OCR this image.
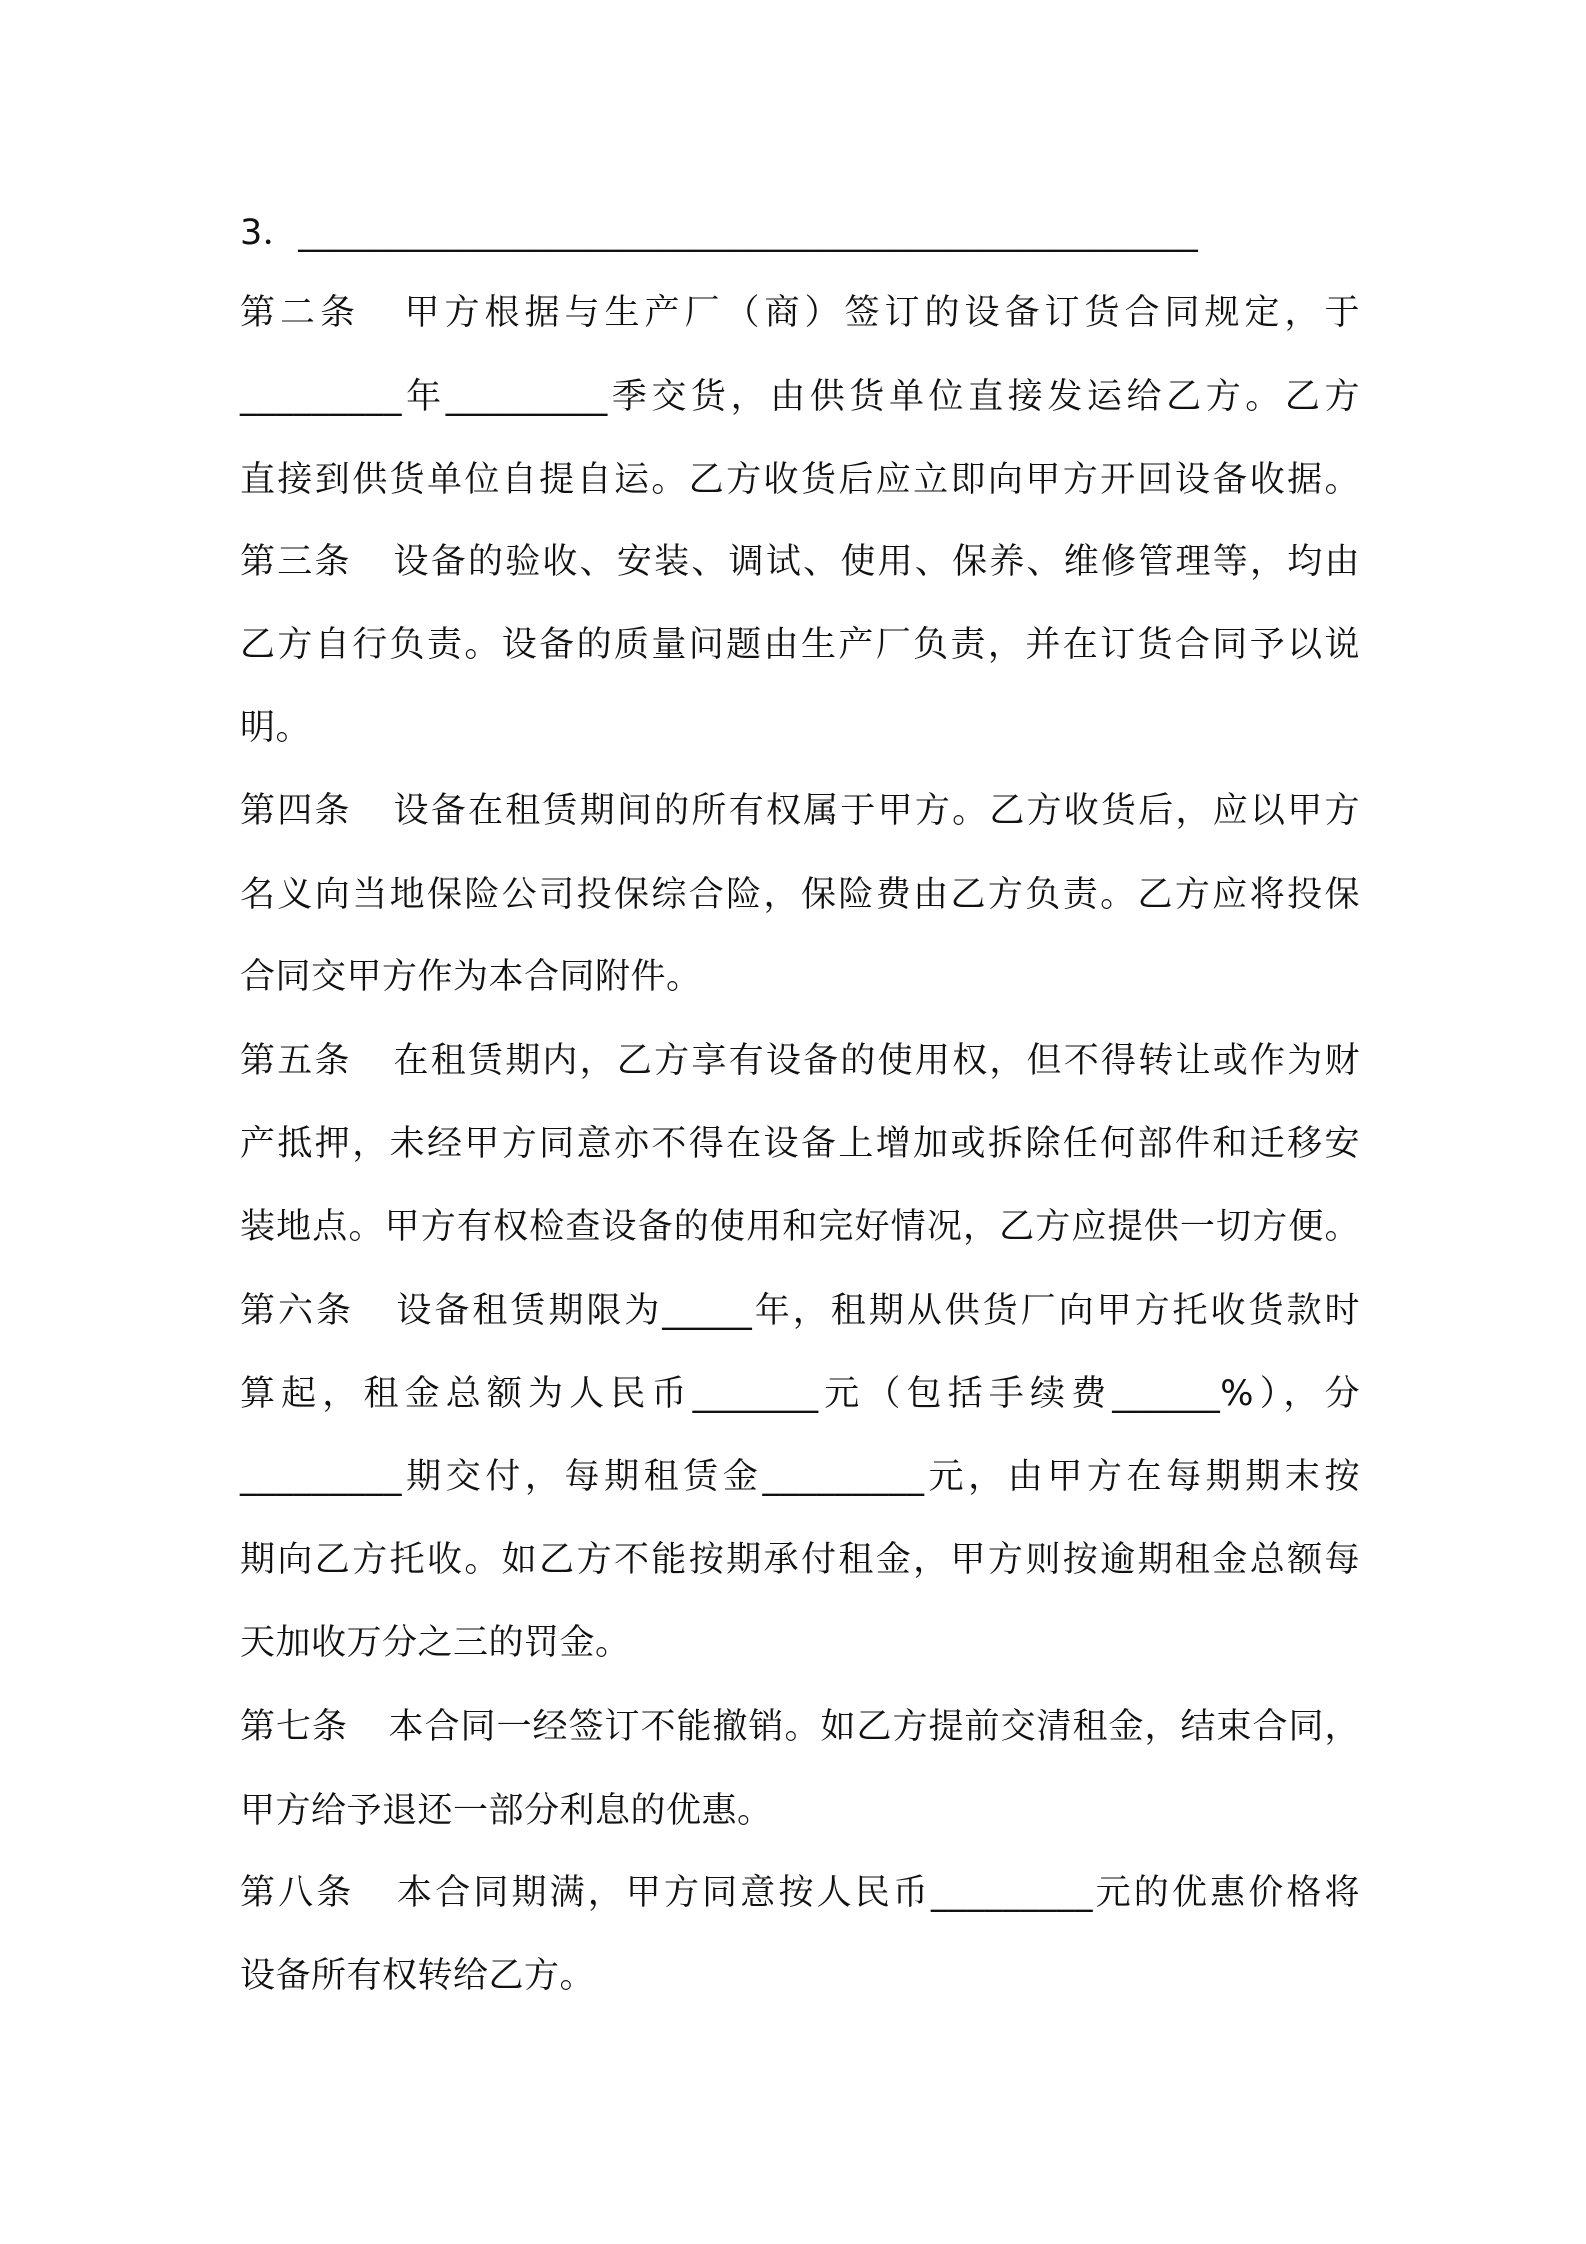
3．__________________________________________________
第二条 甲方根据与生产厂（商）签订的设备订货合同规定，于
_________年_________季交货，由供货单位直接发运给乙方。乙方
直接到供货单位自提自运。乙方收货后应立即向甲方开回设备收据。
第三条 设备的验收、安装、调试、使用、保养、维修管理等，均由
乙方自行负责。设备的质量问题由生产厂负责，并在订货合同予以说
明。
第四条 设备在租赁期间的所有权属于甲方。乙方收货后，应以甲方
名义向当地保险公司投保综合险，保险费由乙方负责。乙方应将投保
合同交甲方作为本合同附件。
第五条 在租赁期内，乙方享有设备的使用权，但不得转让或作为财
产抵押，未经甲方同意亦不得在设备上增加或拆除任何部件和迁移安
装地点。甲方有权检查设备的使用和完好情况，乙方应提供一切方便。
第六条 设备租赁期限为_____年，租期从供货厂向甲方托收货款时
算起，租金总额为人民币_______元（包括手续费______%），分
_________期交付，每期租赁金_________元，由甲方在每期期末按
期向乙方托收。如乙方不能按期承付租金，甲方则按逾期租金总额每
天加收万分之三的罚金。
第七条 本合同一经签订不能撤销。如乙方提前交清租金，结束合同，
甲方给予退还一部分利息的优惠。
第八条 本合同期满，甲方同意按人民币_________元的优惠价格将
设备所有权转给乙方。
